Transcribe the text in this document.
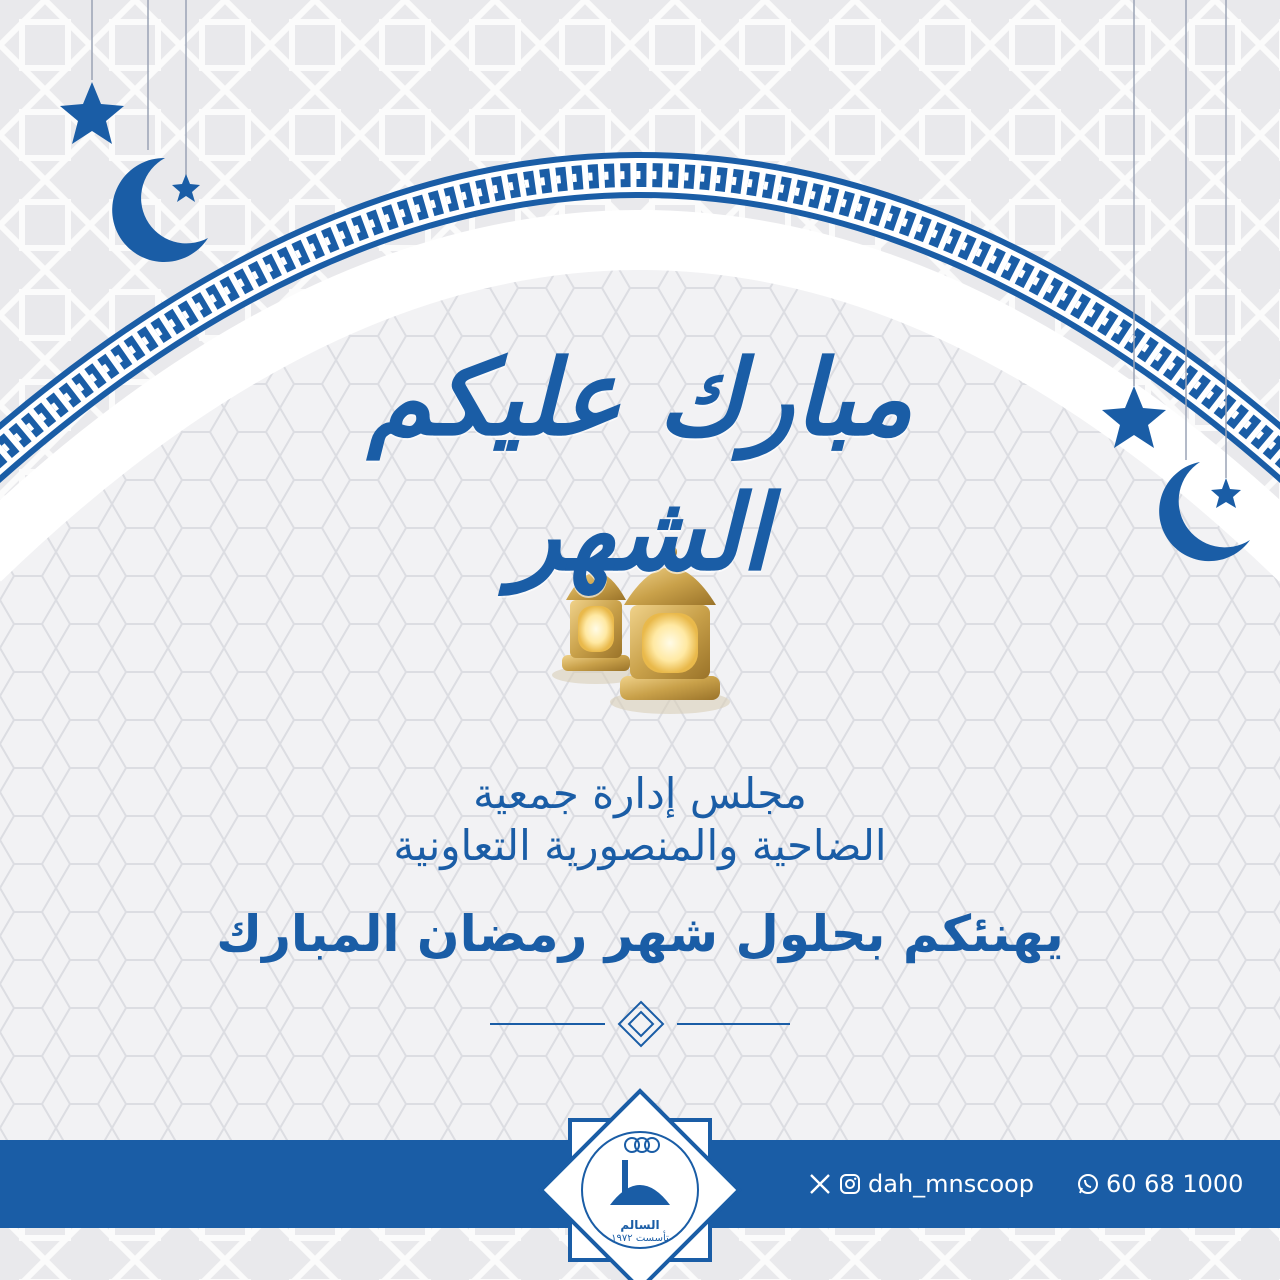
مبارك عليكم الشهر
مجلس إدارة جمعية
الضاحية والمنصورية التعاونية
يهنئكم بحلول شهر رمضان المبارك
السالم
تأسست ١٩٧٢
dah_mnscoop	60 68 1000
